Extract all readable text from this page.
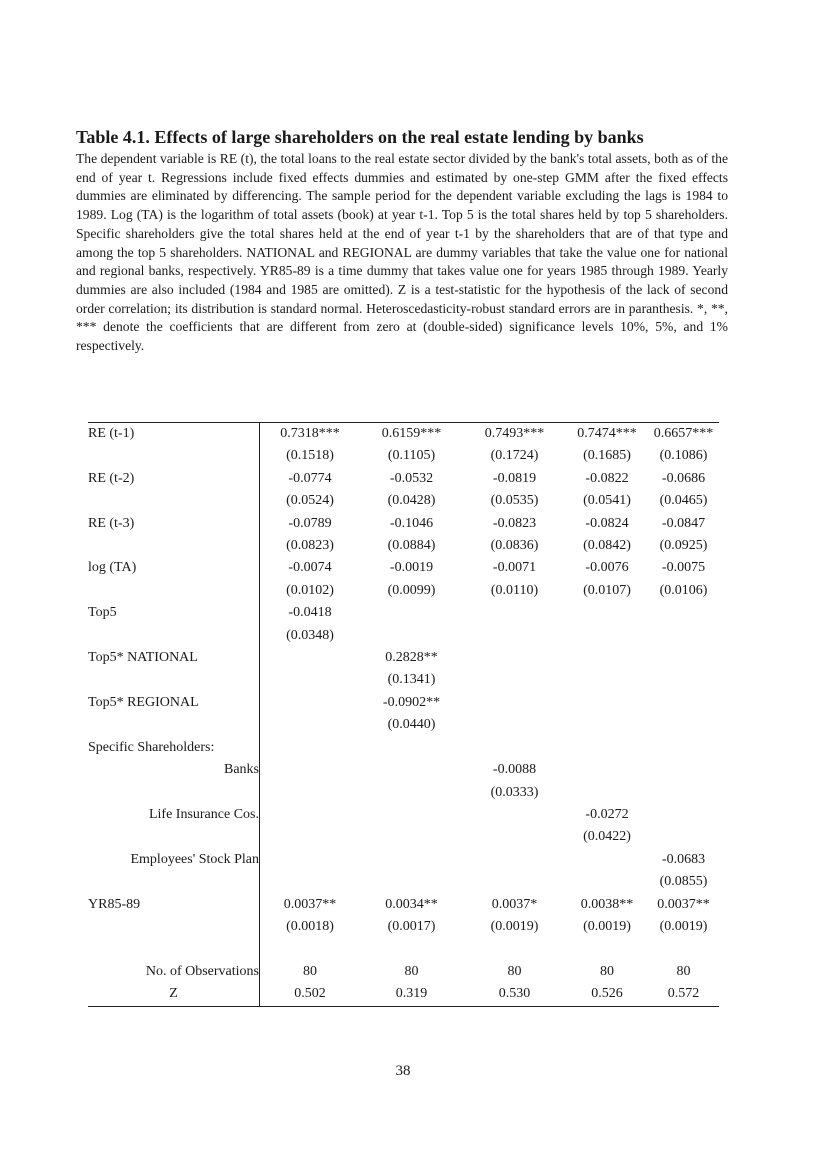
Table 4.1. Effects of large shareholders on the real estate lending by banks

The dependent variable is RE (t), the total loans to the real estate sector divided by the bank's total assets, both as of the end of year t. Regressions include fixed effects dummies and estimated by one-step GMM after the fixed effects dummies are eliminated by differencing. The sample period for the dependent variable excluding the lags is 1984 to 1989. Log (TA) is the logarithm of total assets (book) at year t-1. Top 5 is the total shares held by top 5 shareholders. Specific shareholders give the total shares held at the end of year t-1 by the shareholders that are of that type and among the top 5 shareholders. NATIONAL and REGIONAL are dummy variables that take the value one for national and regional banks, respectively. YR85-89 is a time dummy that takes value one for years 1985 through 1989. Yearly dummies are also included (1984 and 1985 are omitted). Z is a test-statistic for the hypothesis of the lack of second order correlation; its distribution is standard normal. Heteroscedasticity-robust standard errors are in paranthesis. *, **, *** denote the coefficients that are different from zero at (double-sided) significance levels 10%, 5%, and 1% respectively.

RE (t-1)	0.7318***	0.6159***	0.7493***	0.7474***	0.6657***
	(0.1518)	(0.1105)	(0.1724)	(0.1685)	(0.1086)
RE (t-2)	-0.0774	-0.0532	-0.0819	-0.0822	-0.0686
	(0.0524)	(0.0428)	(0.0535)	(0.0541)	(0.0465)
RE (t-3)	-0.0789	-0.1046	-0.0823	-0.0824	-0.0847
	(0.0823)	(0.0884)	(0.0836)	(0.0842)	(0.0925)
log (TA)	-0.0074	-0.0019	-0.0071	-0.0076	-0.0075
	(0.0102)	(0.0099)	(0.0110)	(0.0107)	(0.0106)
Top5	-0.0418				
	(0.0348)				
Top5* NATIONAL		0.2828**			
		(0.1341)			
Top5* REGIONAL		-0.0902**			
		(0.0440)			
Specific Shareholders:					
Banks			-0.0088		
			(0.0333)		
Life Insurance Cos.				-0.0272	
				(0.0422)	
Employees' Stock Plan					-0.0683
					(0.0855)
YR85-89	0.0037**	0.0034**	0.0037*	0.0038**	0.0037**
	(0.0018)	(0.0017)	(0.0019)	(0.0019)	(0.0019)

No. of Observations	80	80	80	80	80
Z	0.502	0.319	0.530	0.526	0.572
38
